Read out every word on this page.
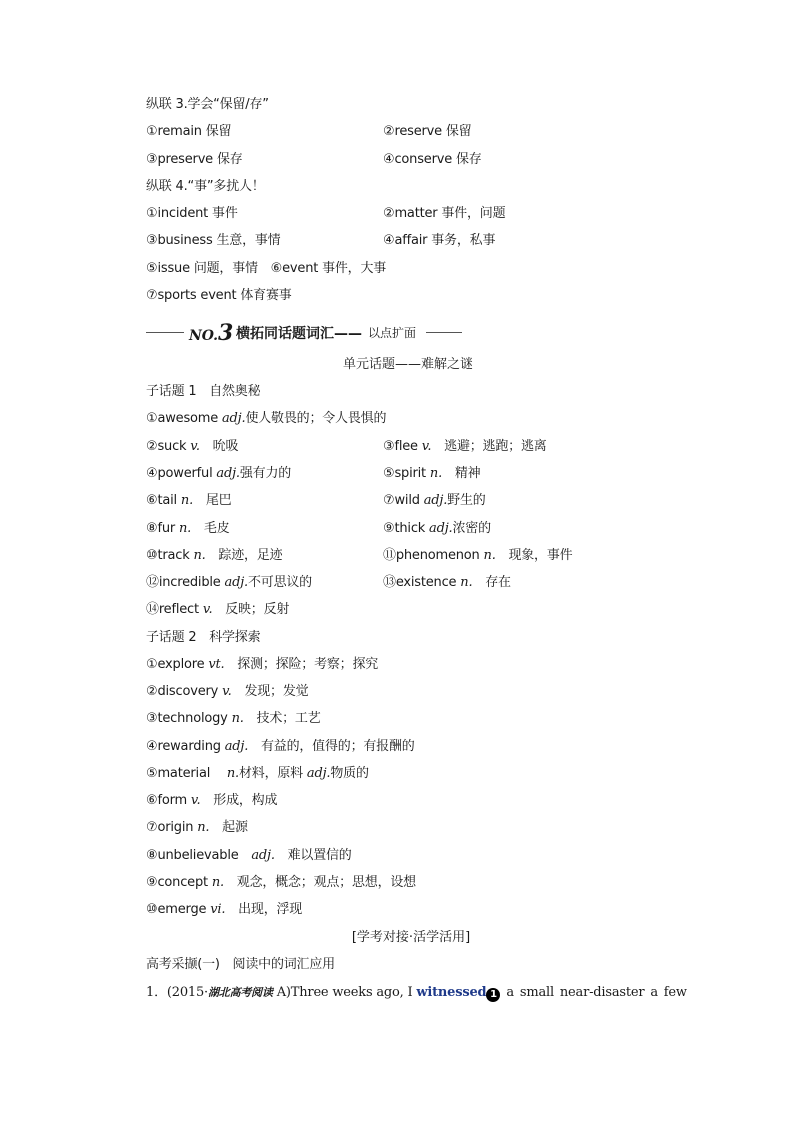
纵联 3.学会“保留/存”
①remain 保留	②reserve 保留
③preserve 保存	④conserve 保存
纵联 4.“事”多扰人！
①incident 事件	②matter 事件，问题
③business 生意，事情	④affair 事务，私事
⑤issue 问题，事情　 ⑥event 事件，大事
⑦sports event 体育赛事
NO.3 横拓同话题词汇—— 以点扩面
单元话题——难解之谜
子话题 1　自然奥秘
①awesome adj.使人敬畏的；令人畏惧的
②suck v.　 吮吸	③flee v.　 逃避；逃跑；逃离
④powerful adj.强有力的	⑤spirit n.　 精神
⑥tail n.　 尾巴	⑦wild adj.野生的
⑧fur n.　 毛皮	⑨thick adj.浓密的
⑩track n.　 踪迹，足迹	⑪phenomenon n.　 现象，事件
⑫incredible adj.不可思议的	⑬existence n.　 存在
⑭reflect v.　 反映；反射
子话题 2　科学探索
①explore vt.　 探测；探险；考察；探究
②discovery v.　 发现；发觉
③technology n.　 技术；工艺
④rewarding adj.　 有益的，值得的；有报酬的
⑤material　 n.材料，原料 adj.物质的
⑥form v.　 形成，构成
⑦origin n.　 起源
⑧unbelievable　 adj.　 难以置信的
⑨concept n.　 观念，概念；观点；思想，设想
⑩emerge vi.　 出现，浮现
[学考对接·活学活用]
高考采撷(一)　阅读中的词汇应用
1．(2015·湖北高考阅读 A)Three weeks ago, I witnessed 1 a small near-disaster a few
